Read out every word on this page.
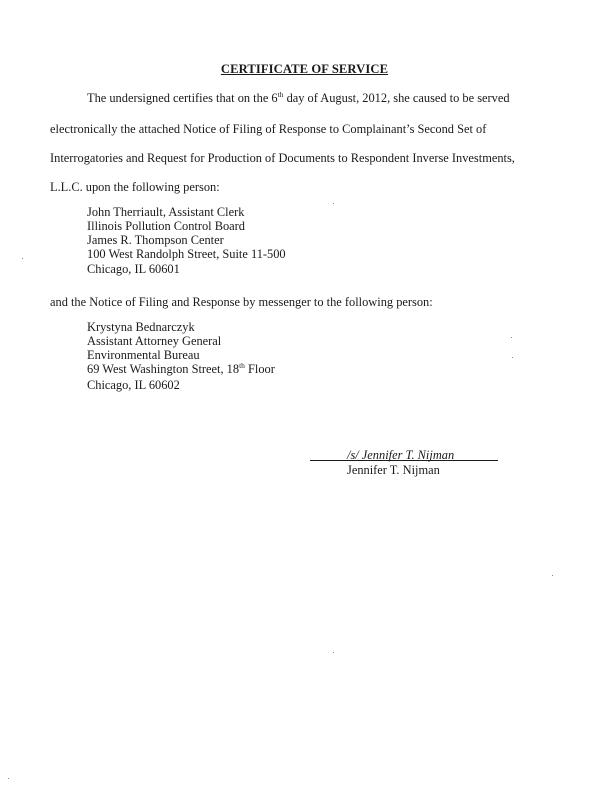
CERTIFICATE OF SERVICE
The undersigned certifies that on the 6th day of August, 2012, she caused to be served
electronically the attached Notice of Filing of Response to Complainant’s Second Set of
Interrogatories and Request for Production of Documents to Respondent Inverse Investments,
L.L.C. upon the following person:
John Therriault, Assistant Clerk
Illinois Pollution Control Board
James R. Thompson Center
100 West Randolph Street, Suite 11-500
Chicago, IL 60601
and the Notice of Filing and Response by messenger to the following person:
Krystyna Bednarczyk
Assistant Attorney General
Environmental Bureau
69 West Washington Street, 18th Floor
Chicago, IL 60602
/s/ Jennifer T. Nijman
Jennifer T. Nijman
